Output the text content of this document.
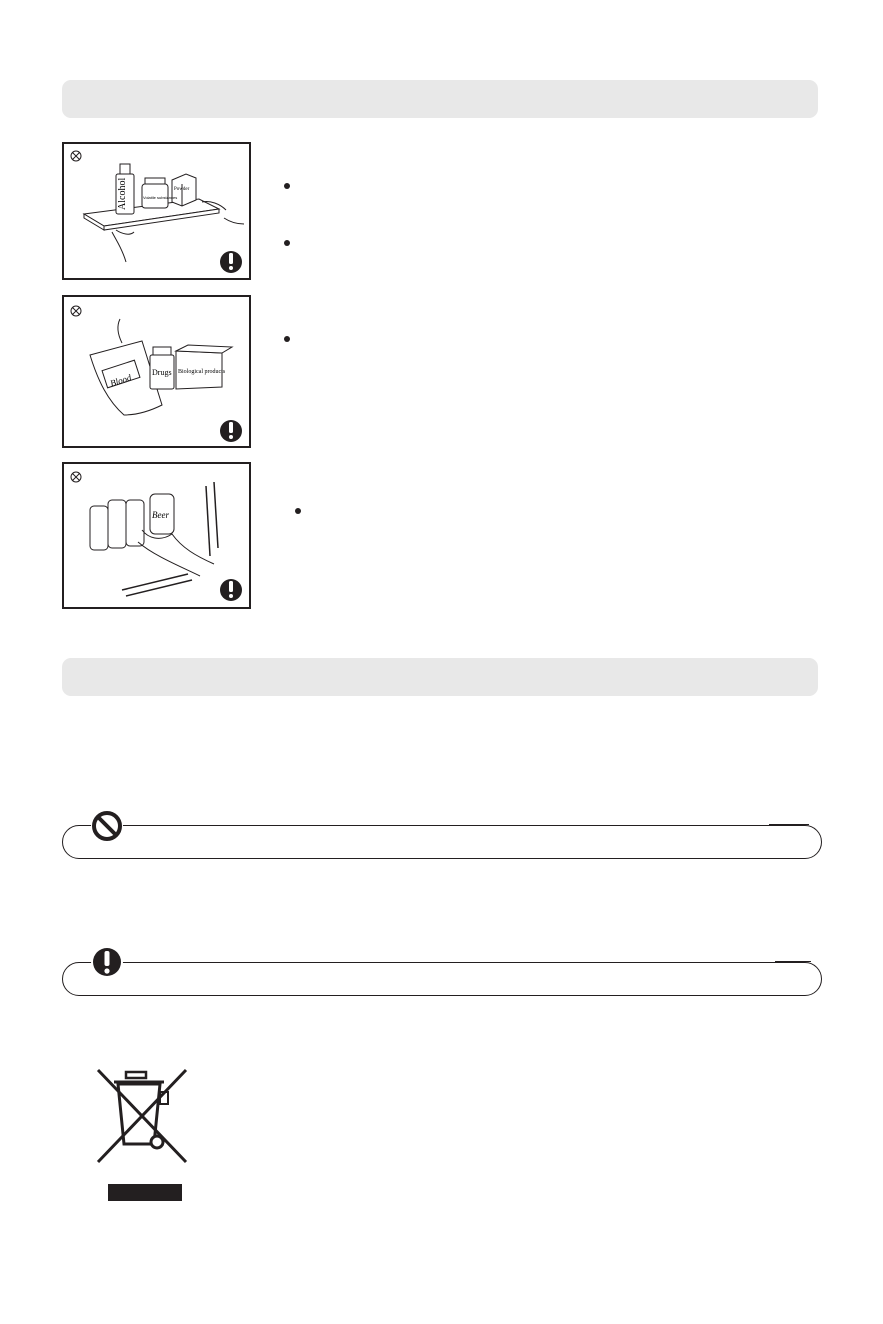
Alcohol	Volatile substances
Powder
Blood Drugs Biological products
Beer
